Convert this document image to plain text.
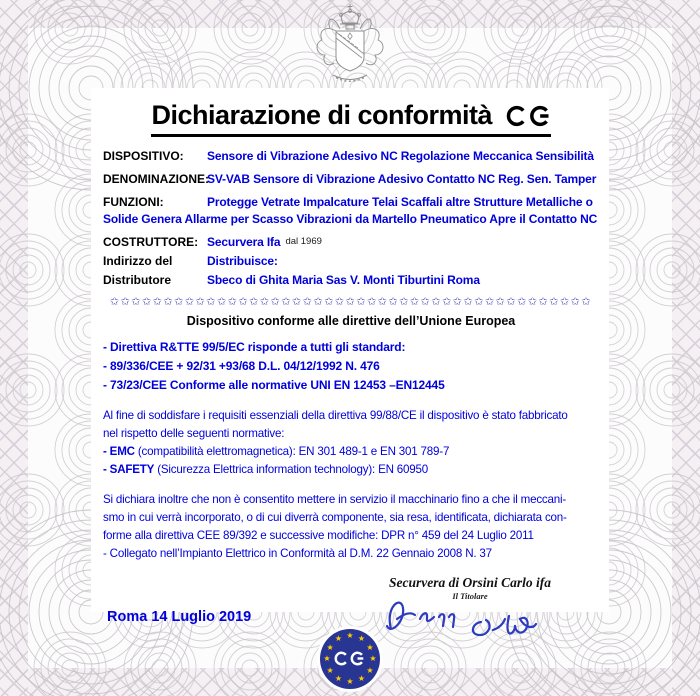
Dichiarazione di conformità
DISPOSITIVO:	Sensore di Vibrazione Adesivo NC Regolazione Meccanica Sensibilità
DENOMINAZIONE:
SV-VAB Sensore di Vibrazione Adesivo Contatto NC Reg. Sen. Tamper
FUNZIONI:	Protegge Vetrate Impalcature Telai Scaffali altre Strutture Metalliche o
Solide Genera Allarme per Scasso Vibrazioni da Martello Pneumatico Apre il Contatto NC
COSTRUTTORE: Securvera Ifa dal 1969
Indirizzo del	Distribuisce:
Distributore	Sbeco di Ghita Maria Sas V. Monti Tiburtini Roma
✩✩✩✩✩✩✩✩✩✩✩✩✩✩✩✩✩✩✩✩✩✩✩✩✩✩✩✩✩✩✩✩✩✩✩✩✩✩✩✩✩✩✩✩✩
Dispositivo conforme alle direttive dell’Unione Europea
- Direttiva R&TTE 99/5/EC risponde a tutti gli standard:
- 89/336/CEE + 92/31 +93/68 D.L. 04/12/1992 N. 476
- 73/23/CEE Conforme alle normative UNI EN 12453 –EN12445
Al fine di soddisfare i requisiti essenziali della direttiva 99/88/CE il dispositivo è stato fabbricato
nel rispetto delle seguenti normative:
- EMC (compatibilità elettromagnetica): EN 301 489-1 e EN 301 789-7
- SAFETY (Sicurezza Elettrica information technology): EN 60950
Si dichiara inoltre che non è consentito mettere in servizio il macchinario fino a che il meccani-
smo in cui verrà incorporato, o di cui diverrà componente, sia resa, identificata, dichiarata con-
forme alla direttiva CEE 89/392 e successive modifiche: DPR n° 459 del 24 Luglio 2011
- Collegato nell’Impianto Elettrico in Conformità al D.M. 22 Gennaio 2008 N. 37
Roma 14 Luglio 2019
Securvera di Orsini Carlo ifa
Il Titolare
★ ★
★
★
★
★
★
★
★
★
★
★
